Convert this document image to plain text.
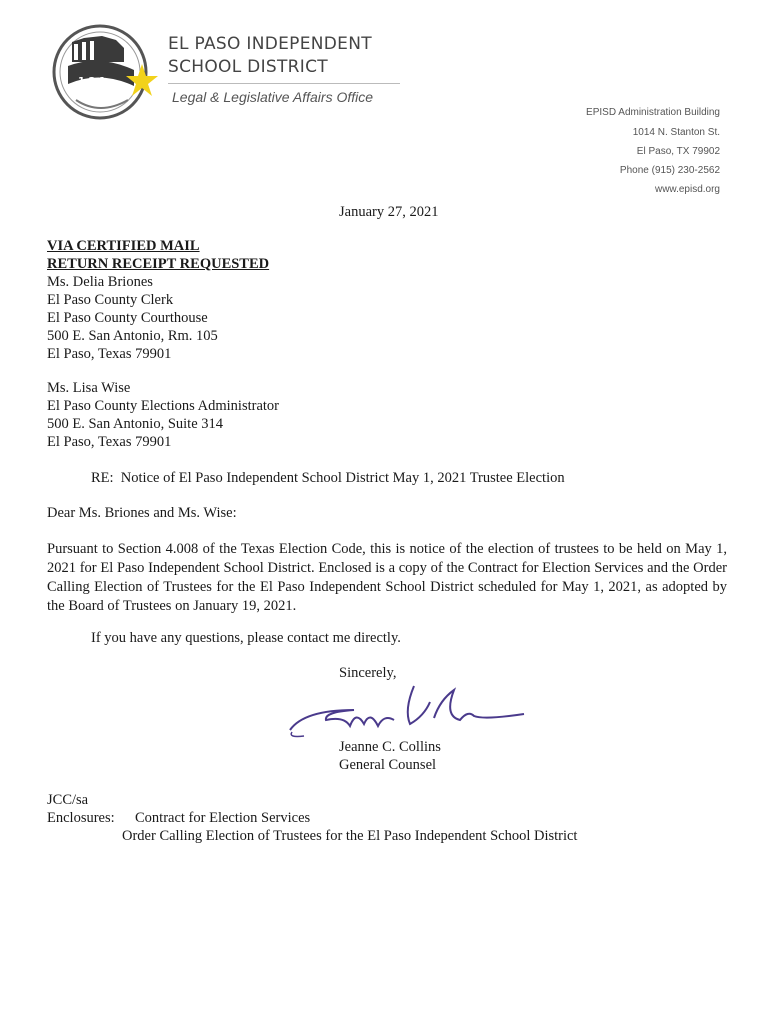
1 2 1
EL PASO INDEPENDENT
SCHOOL DISTRICT
Legal & Legislative Affairs Office
EPISD Administration Building
1014 N. Stanton St.
El Paso, TX 79902
Phone (915) 230-2562
www.episd.org
January 27, 2021
VIA CERTIFIED MAIL
RETURN RECEIPT REQUESTED
Ms. Delia Briones
El Paso County Clerk
El Paso County Courthouse
500 E. San Antonio, Rm. 105
El Paso, Texas 79901
Ms. Lisa Wise
El Paso County Elections Administrator
500 E. San Antonio, Suite 314
El Paso, Texas 79901
RE:  Notice of El Paso Independent School District May 1, 2021 Trustee Election
Dear Ms. Briones and Ms. Wise:
Pursuant to Section 4.008 of the Texas Election Code, this is notice of the election of trustees to be held on May 1, 2021 for El Paso Independent School District. Enclosed is a copy of the Contract for Election Services and the Order Calling Election of Trustees for the El Paso Independent School District scheduled for May 1, 2021, as adopted by the Board of Trustees on January 19, 2021.
If you have any questions, please contact me directly.
Sincerely,
Jeanne C. Collins
General Counsel
JCC/sa
Enclosures: Contract for Election Services
Order Calling Election of Trustees for the El Paso Independent School District
